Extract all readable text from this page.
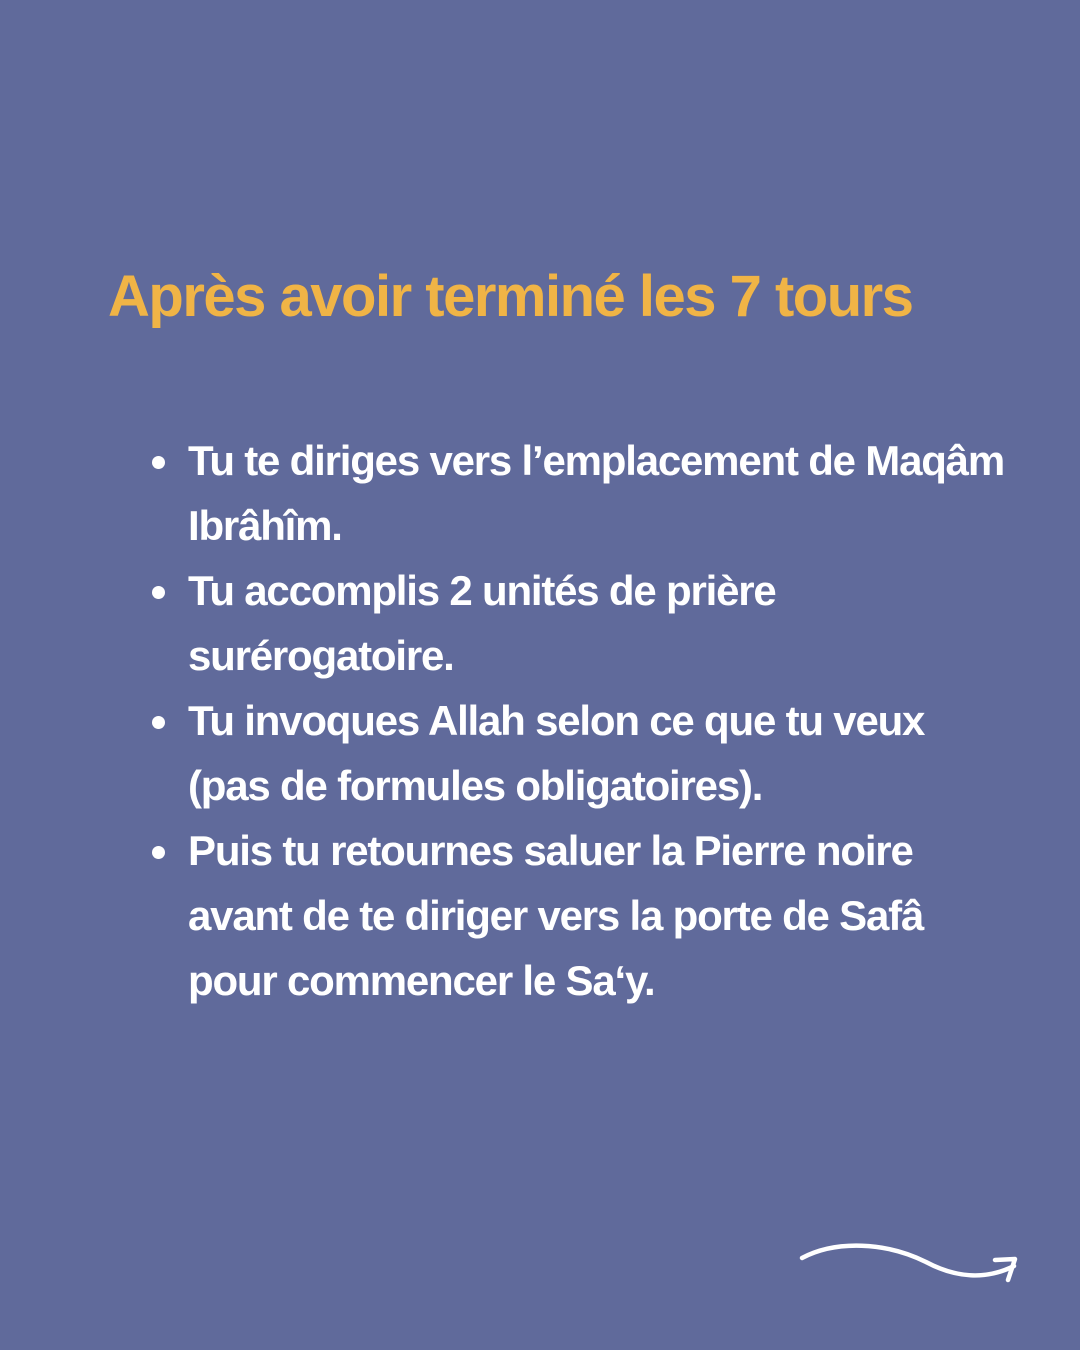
Après avoir terminé les 7 tours
Tu te diriges vers l’emplacement de Maqâm Ibrâhîm.
Tu accomplis 2 unités de prière surérogatoire.
Tu invoques Allah selon ce que tu veux (pas de formules obligatoires).
Puis tu retournes saluer la Pierre noire avant de te diriger vers la porte de Safâ pour commencer le Sa‘y.
